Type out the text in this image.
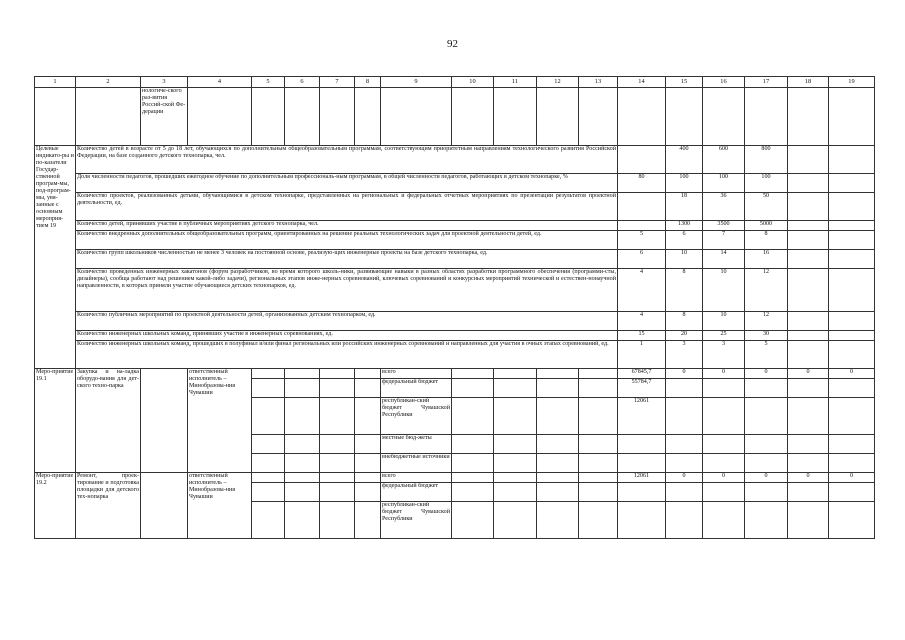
92
1	2	3	4	5	6	7	8	9	10	11	12	13	14	15	16	17	18	19
		нологиче-ского раз-вития Россий-ской Фе-дерации																
Целевые индикато-ры и по-казатели Государ-ственной програм-мы, под-програм-мы, увя-занные с основным мероприя-тием 19	Количество детей в возрасте от 5 до 18 лет, обучающихся по дополнительным общеобразовательным программам, соответствующим приоритетным направлениям технологического развития Российской Федерации, на базе созданного детского технопарка, чел.													400	600	800		
	Доля численности педагогов, прошедших ежегодное обучение по дополнительным профессиональ-ным программам, в общей численности педагогов, работающих в детском технопарке, %												80	100	100	100		
	Количество проектов, реализованных детьми, обучающимися в детском технопарке, представленных на региональных и федеральных отчетных мероприятиях по презентации результатов проектной деятельности, ед.													18	36	50		
	Количество детей, принявших участие в публичных мероприятиях детского технопарка, чел.													1300	3500	5000		
	Количество внедренных дополнительных общеобразовательных программ, ориентированных на решение реальных технологических задач для проектной деятельности детей, ед.												5	6	7	8		
	Количество групп школьников численностью не менее 3 человек на постоянной основе, реализую-щих инженерные проекты на базе детского технопарка, ед.												6	10	14	16		
	Количество проведенных инженерных хакатонов (форум разработчиков, во время которого школь-ники, развивающие навыки в разных областях разработки программного обеспечения (программи-сты, дизайнеры), сообща работают над решением какой-либо задачи), региональных этапов инже-нерных соревнований, ключевых соревнований и конкурсных мероприятий технической и естествен-нонаучной направленности, в которых приняли участие обучающиеся детских технопарков, ед.												4	8	10	12		
	Количество публичных мероприятий по проектной деятельности детей, организованных детским технопарком, ед.												4	8	10	12		
	Количество инженерных школьных команд, принявших участие в инженерных соревнованиях, ед.												15	20	25	30		
	Количество инженерных школьных команд, прошедших в полуфинал и/или финал региональных или российских инженерных соревнований и направленных для участия в очных этапах соревнований, ед.												1	3	3	5		
Меро-приятие 19.1	Закупка и на-ладка оборудо-вания для дет-ского техно-парка		ответственный исполнитель – Минобразова-ния Чувашии					всего					67845,7	0	0	0	0	0
								федеральный бюджет					55784,7					
								республикан-ский бюджет Чувашской Республики					12061					
								местные бюд-жеты										
								внебюджетные источники										
Меро-приятие 19.2	Ремонт, проек-тирование и подготовка площадки для детского тех-нопарка		ответственный исполнитель – Минобразова-ния Чувашии					всего					12061	0	0	0	0	0
								федеральный бюджет										
								республикан-ский бюджет Чувашской Республики										
